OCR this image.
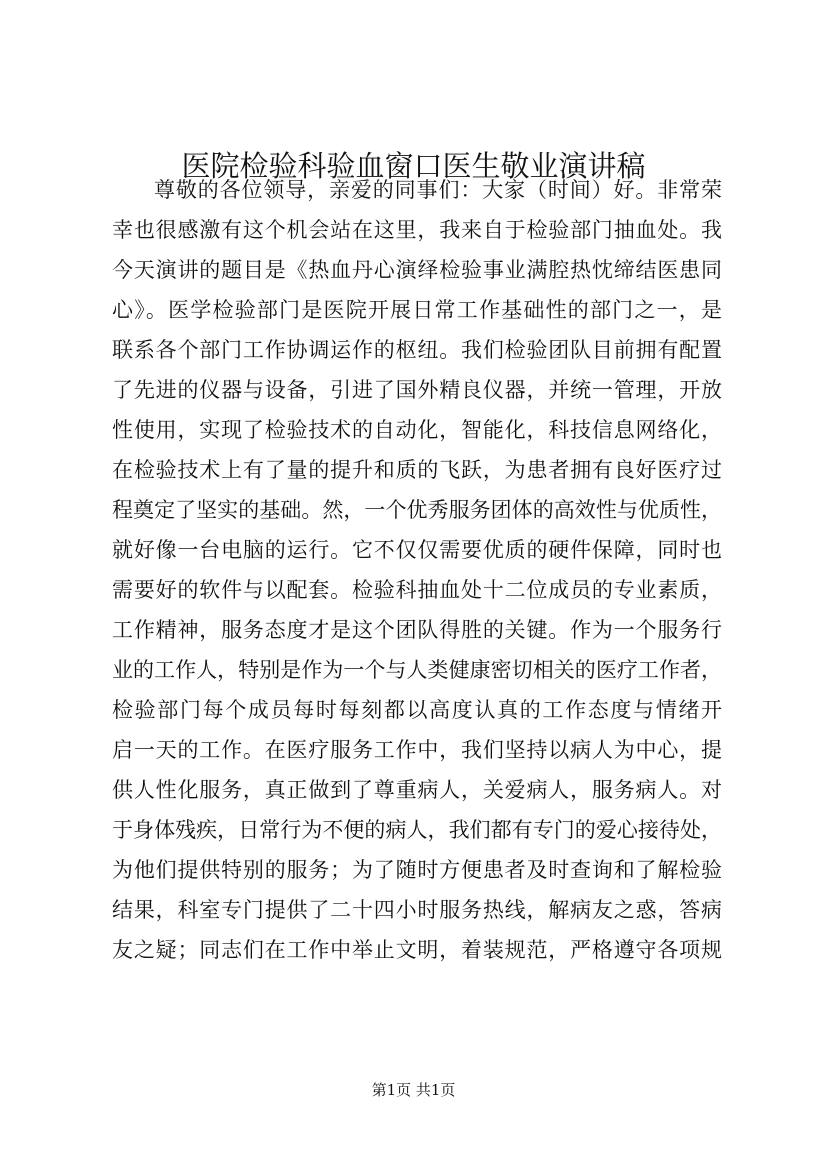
医院检验科验血窗口医生敬业演讲稿
尊敬的各位领导，亲爱的同事们：大家（时间）好。非常荣
幸也很感激有这个机会站在这里，我来自于检验部门抽血处。我
今天演讲的题目是《热血丹心演绎检验事业满腔热忱缔结医患同
心》。医学检验部门是医院开展日常工作基础性的部门之一，是
联系各个部门工作协调运作的枢纽。我们检验团队目前拥有配置
了先进的仪器与设备，引进了国外精良仪器，并统一管理，开放
性使用，实现了检验技术的自动化，智能化，科技信息网络化，
在检验技术上有了量的提升和质的飞跃，为患者拥有良好医疗过
程奠定了坚实的基础。然，一个优秀服务团体的高效性与优质性，
就好像一台电脑的运行。它不仅仅需要优质的硬件保障，同时也
需要好的软件与以配套。检验科抽血处十二位成员的专业素质，
工作精神，服务态度才是这个团队得胜的关键。作为一个服务行
业的工作人，特别是作为一个与人类健康密切相关的医疗工作者，
检验部门每个成员每时每刻都以高度认真的工作态度与情绪开
启一天的工作。在医疗服务工作中，我们坚持以病人为中心，提
供人性化服务，真正做到了尊重病人，关爱病人，服务病人。对
于身体残疾，日常行为不便的病人，我们都有专门的爱心接待处，
为他们提供特别的服务；为了随时方便患者及时查询和了解检验
结果，科室专门提供了二十四小时服务热线，解病友之惑，答病
友之疑；同志们在工作中举止文明，着装规范，严格遵守各项规
第1页 共1页
